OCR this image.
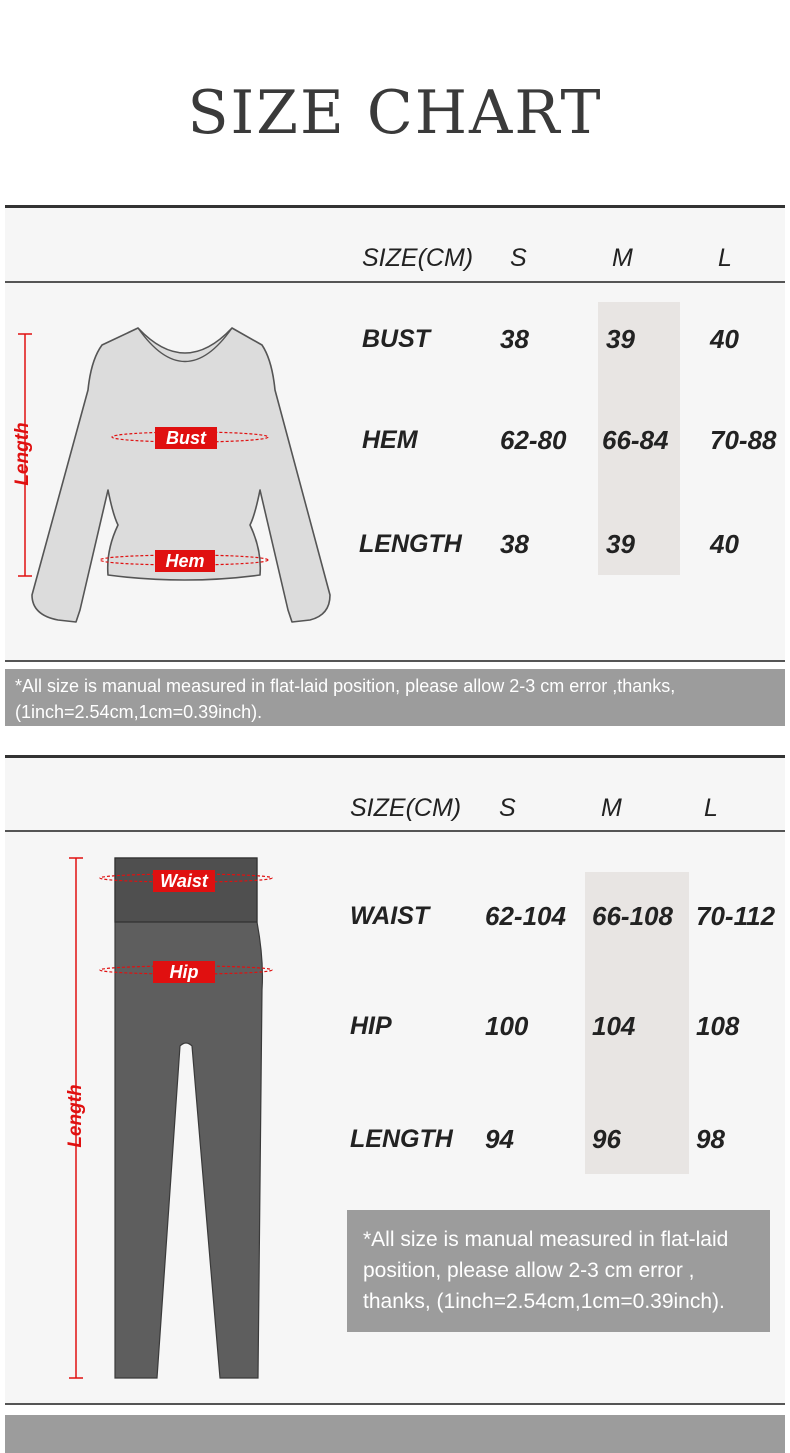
SIZE CHART
SIZE(CM) S	M	L
BUST	38	39	40
HEM	62-80 66-84 70-88
LENGTH 38	39	40
Bust
Hem
Length
*All size is manual measured in flat-laid position, please allow 2-3 cm error ,thanks,
(1inch=2.54cm,1cm=0.39inch).
SIZE(CM) S	M	L
WAIST 62-104 66-108 70-112
HIP	100 104 108
LENGTH 94	96	98
Waist
Hip
Length
*All size is manual measured in flat-laid position, please allow 2-3 cm error , thanks, (1inch=2.54cm,1cm=0.39inch).
